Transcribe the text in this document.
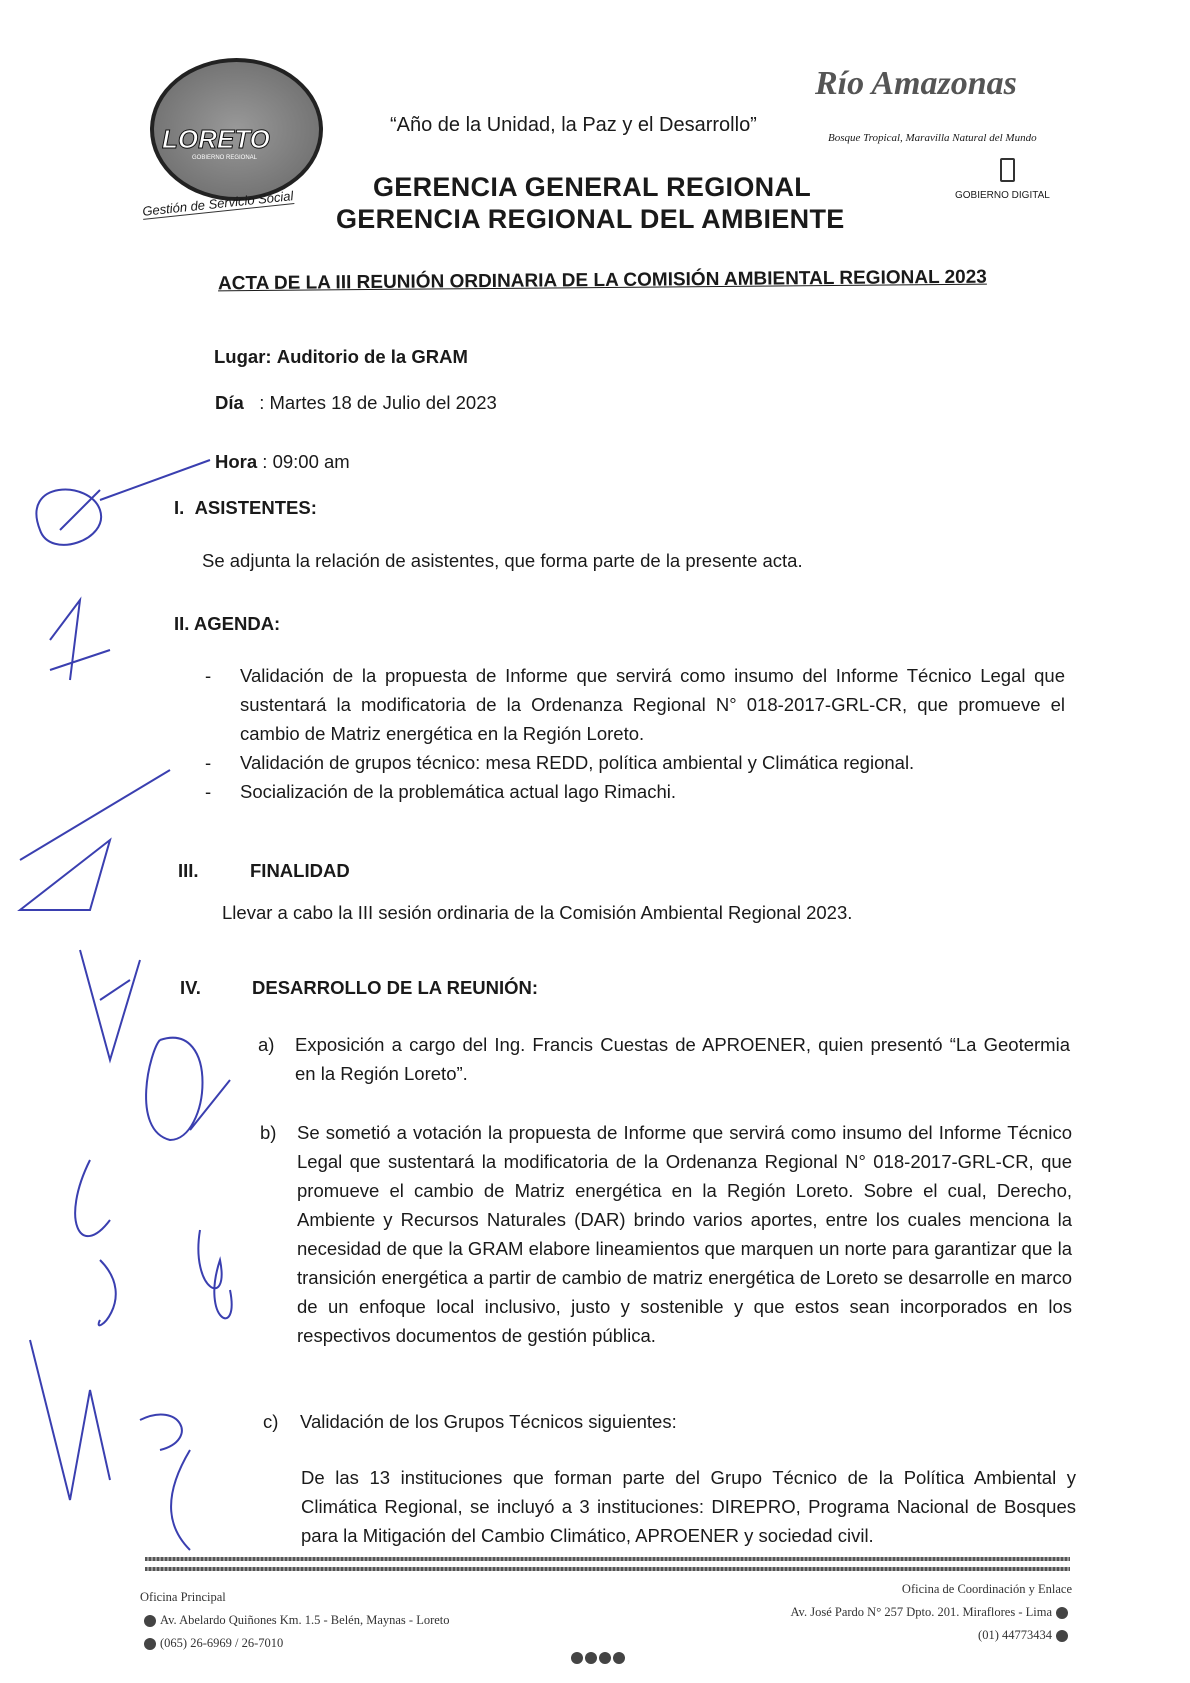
LORETO
GOBIERNO REGIONAL
Gestión de Servicio Social
“Año de la Unidad, la Paz y el Desarrollo”
GERENCIA GENERAL REGIONAL
GERENCIA REGIONAL DEL AMBIENTE
Río Amazonas
Bosque Tropical, Maravilla Natural del Mundo
GOBIERNO DIGITAL
ACTA DE LA III REUNIÓN ORDINARIA DE LA COMISIÓN AMBIENTAL REGIONAL 2023
Lugar: Auditorio de la GRAM
Día : Martes 18 de Julio del 2023
Hora : 09:00 am
I. ASISTENTES:
Se adjunta la relación de asistentes, que forma parte de la presente acta.
II. AGENDA:
-	Validación de la propuesta de Informe que servirá como insumo del Informe Técnico Legal que sustentará la modificatoria de la Ordenanza Regional N° 018-2017-GRL-CR, que promueve el cambio de Matriz energética en la Región Loreto.
-	Validación de grupos técnico: mesa REDD, política ambiental y Climática regional.
-	Socialización de la problemática actual lago Rimachi.
III.	FINALIDAD
Llevar a cabo la III sesión ordinaria de la Comisión Ambiental Regional 2023.
IV.	DESARROLLO DE LA REUNIÓN:
a)	Exposición a cargo del Ing. Francis Cuestas de APROENER, quien presentó “La Geotermia en la Región Loreto”.
b)	Se sometió a votación la propuesta de Informe que servirá como insumo del Informe Técnico Legal que sustentará la modificatoria de la Ordenanza Regional N° 018-2017-GRL-CR, que promueve el cambio de Matriz energética en la Región Loreto. Sobre el cual, Derecho, Ambiente y Recursos Naturales (DAR) brindo varios aportes, entre los cuales menciona la necesidad de que la GRAM elabore lineamientos que marquen un norte para garantizar que la transición energética a partir de cambio de matriz energética de Loreto se desarrolle en marco de un enfoque local inclusivo, justo y sostenible y que estos sean incorporados en los respectivos documentos de gestión pública.
c)	Validación de los Grupos Técnicos siguientes:
De las 13 instituciones que forman parte del Grupo Técnico de la Política Ambiental y Climática Regional, se incluyó a 3 instituciones: DIREPRO, Programa Nacional de Bosques para la Mitigación del Cambio Climático, APROENER y sociedad civil.
Oficina Principal
Av. Abelardo Quiñones Km. 1.5 - Belén, Maynas - Loreto
(065) 26-6969 / 26-7010
Oficina de Coordinación y Enlace
Av. José Pardo N° 257 Dpto. 201. Miraflores - Lima
(01) 44773434
